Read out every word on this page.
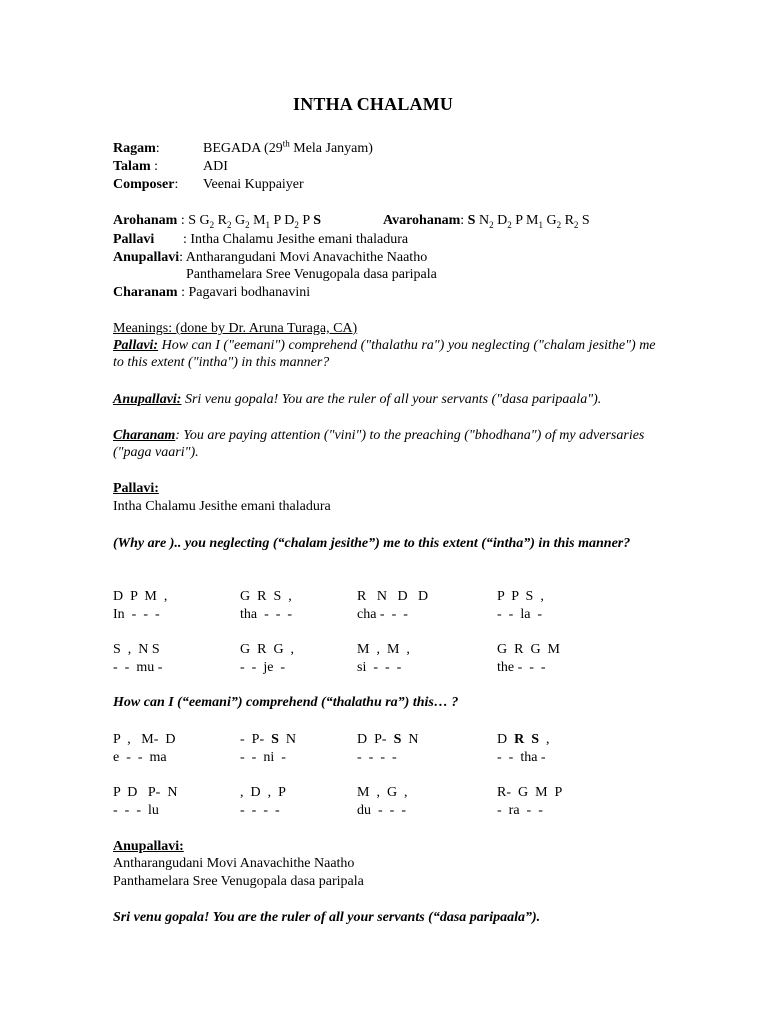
INTHA CHALAMU
Ragam:	BEGADA (29th Mela Janyam)
Talam :	ADI
Composer: Veenai Kuppaiyer
Arohanam : S $G_2$ $R_2$ $G_2$ $M_1$ P $D_2$ P S	Avarohanam: S $N_2$ $D_2$ P $M_1$ $G_2$ $R_2$ S
Pallavi : Intha Chalamu Jesithe emani thaladura
Anupallavi: Antharangudani Movi Anavachithe Naatho
Panthamelara Sree Venugopala dasa paripala
Charanam : Pagavari bodhanavini
Meanings: (done by Dr. Aruna Turaga, CA)
Pallavi: How can I ("eemani") comprehend ("thalathu ra") you neglecting ("chalam jesithe") me to this extent ("intha") in this manner?
Anupallavi: Sri venu gopala! You are the ruler of all your servants ("dasa paripaala").
Charanam: You are paying attention ("vini") to the preaching ("bhodhana") of my adversaries ("paga vaari").
Pallavi:
Intha Chalamu Jesithe emani thaladura
(Why are ).. you neglecting (“chalam jesithe”) me to this extent (“intha”) in this manner?
D  P  M  ,	G  R  S  ,	R   N   D   D	P  P  S  ,
In  -  -  -	tha  -  -  -	cha -  -  -	-  -  la  -
S  ,  N S	G  R  G  ,	M  ,  M  ,	G  R  G  M
-  -  mu -	-  -  je  -	si  -  -  -	the -  -  -
How can I (“eemani”) comprehend (“thalathu ra”) this… ?
P  ,   M-  D	- P- S N	D P- S N	D R S ,
e  -  -  ma	-  -  ni  -	-  -  -  -	-  -  tha -
P  D   P-  N	,  D  ,  P	M  ,  G  ,	R-  G  M  P
-  -  -  lu	-  -  -  -	du  -  -  -	-  ra  -  -
Anupallavi:
Antharangudani Movi Anavachithe Naatho
Panthamelara Sree Venugopala dasa paripala
Sri venu gopala! You are the ruler of all your servants (“dasa paripaala”).
